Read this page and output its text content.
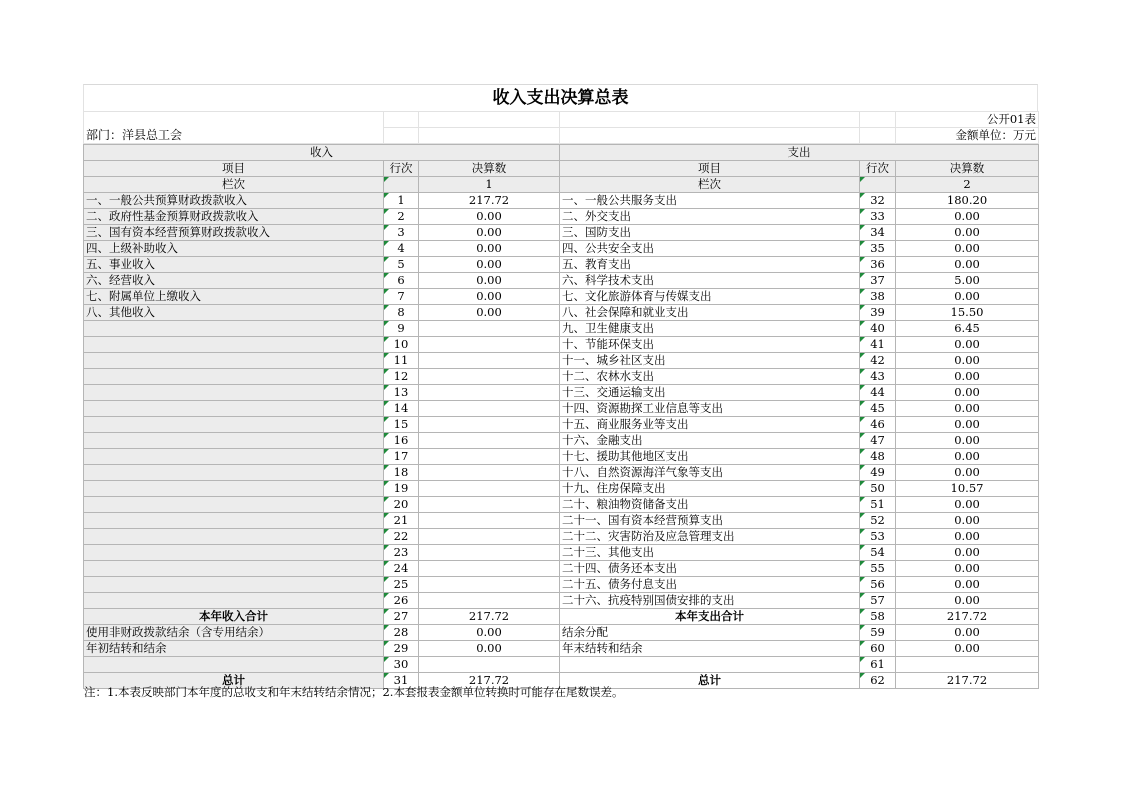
收入支出决算总表
部门：洋县总工会					公开01表
					金额单位：万元
收入			支出		
项目	行次	决算数	项目	行次	决算数
栏次		1	栏次		2
一、一般公共预算财政拨款收入	1	217.72	一、一般公共服务支出	32	180.20
二、政府性基金预算财政拨款收入	2	0.00	二、外交支出	33	0.00
三、国有资本经营预算财政拨款收入	3	0.00	三、国防支出	34	0.00
四、上级补助收入	4	0.00	四、公共安全支出	35	0.00
五、事业收入	5	0.00	五、教育支出	36	0.00
六、经营收入	6	0.00	六、科学技术支出	37	5.00
七、附属单位上缴收入	7	0.00	七、文化旅游体育与传媒支出	38	0.00
八、其他收入	8	0.00	八、社会保障和就业支出	39	15.50
	9		九、卫生健康支出	40	6.45
	10		十、节能环保支出	41	0.00
	11		十一、城乡社区支出	42	0.00
	12		十二、农林水支出	43	0.00
	13		十三、交通运输支出	44	0.00
	14		十四、资源勘探工业信息等支出	45	0.00
	15		十五、商业服务业等支出	46	0.00
	16		十六、金融支出	47	0.00
	17		十七、援助其他地区支出	48	0.00
	18		十八、自然资源海洋气象等支出	49	0.00
	19		十九、住房保障支出	50	10.57
	20		二十、粮油物资储备支出	51	0.00
	21		二十一、国有资本经营预算支出	52	0.00
	22		二十二、灾害防治及应急管理支出	53	0.00
	23		二十三、其他支出	54	0.00
	24		二十四、债务还本支出	55	0.00
	25		二十五、债务付息支出	56	0.00
	26		二十六、抗疫特别国债安排的支出	57	0.00
本年收入合计	27	217.72	本年支出合计	58	217.72
使用非财政拨款结余（含专用结余）	28	0.00	结余分配	59	0.00
年初结转和结余	29	0.00	年末结转和结余	60	0.00
	30			61	
总计	31	217.72	总计	62	217.72
注：1.本表反映部门本年度的总收支和年末结转结余情况；2.本套报表金额单位转换时可能存在尾数误差。
